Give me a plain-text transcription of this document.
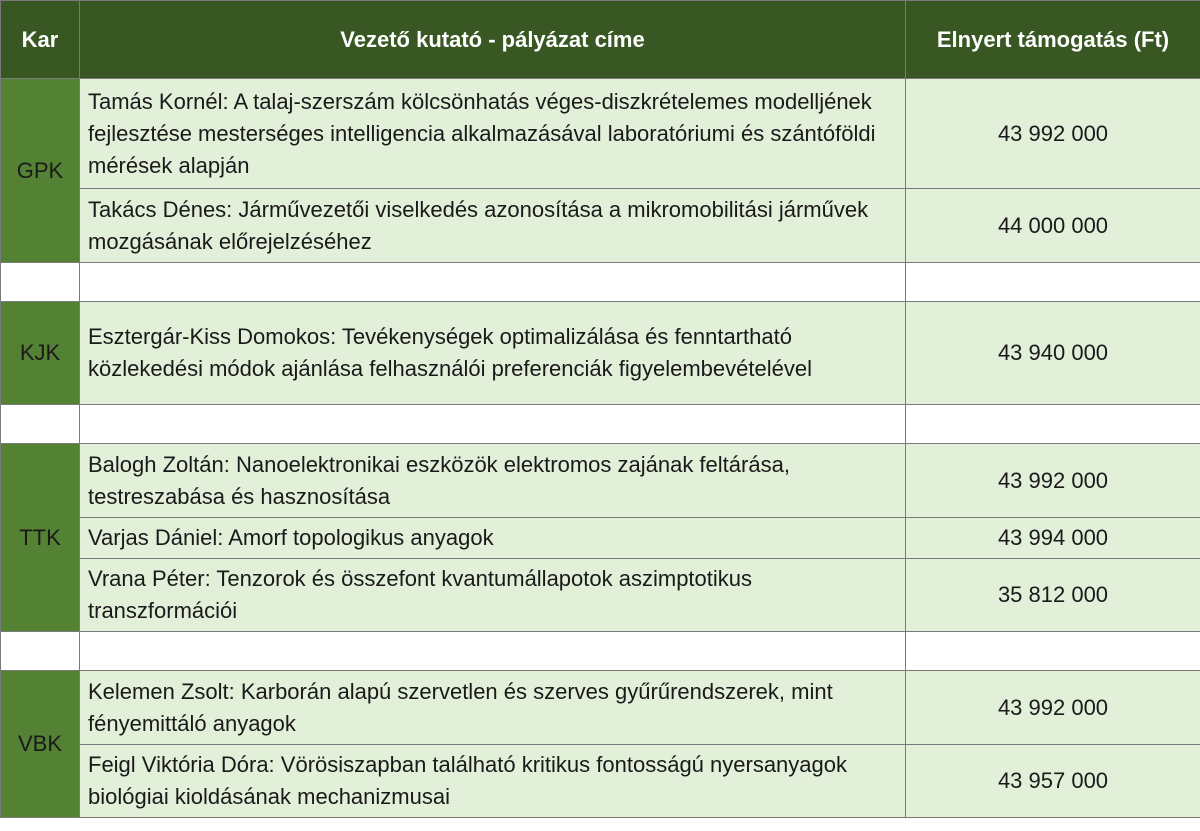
Kar	Vezető kutató - pályázat címe	Elnyert támogatás (Ft)
GPK	Tamás Kornél: A talaj-szerszám kölcsönhatás véges-diszkrételemes modelljének fejlesztése mesterséges intelligencia alkalmazásával laboratóriumi és szántóföldi mérések alapján	43 992 000
	Takács Dénes: Járművezetői viselkedés azonosítása a mikromobilitási járművek mozgásának előrejelzéséhez	44 000 000

KJK	Esztergár-Kiss Domokos: Tevékenységek optimalizálása és fenntartható közlekedési módok ajánlása felhasználói preferenciák figyelembevételével	43 940 000

TTK	Balogh Zoltán: Nanoelektronikai eszközök elektromos zajának feltárása, testreszabása és hasznosítása	43 992 000
	Varjas Dániel: Amorf topologikus anyagok	43 994 000
	Vrana Péter: Tenzorok és összefont kvantumállapotok aszimptotikus transzformációi	35 812 000

VBK	Kelemen Zsolt: Karborán alapú szervetlen és szerves gyűrűrendszerek, mint fényemittáló anyagok	43 992 000
	Feigl Viktória Dóra: Vörösiszapban található kritikus fontosságú nyersanyagok biológiai kioldásának mechanizmusai	43 957 000
